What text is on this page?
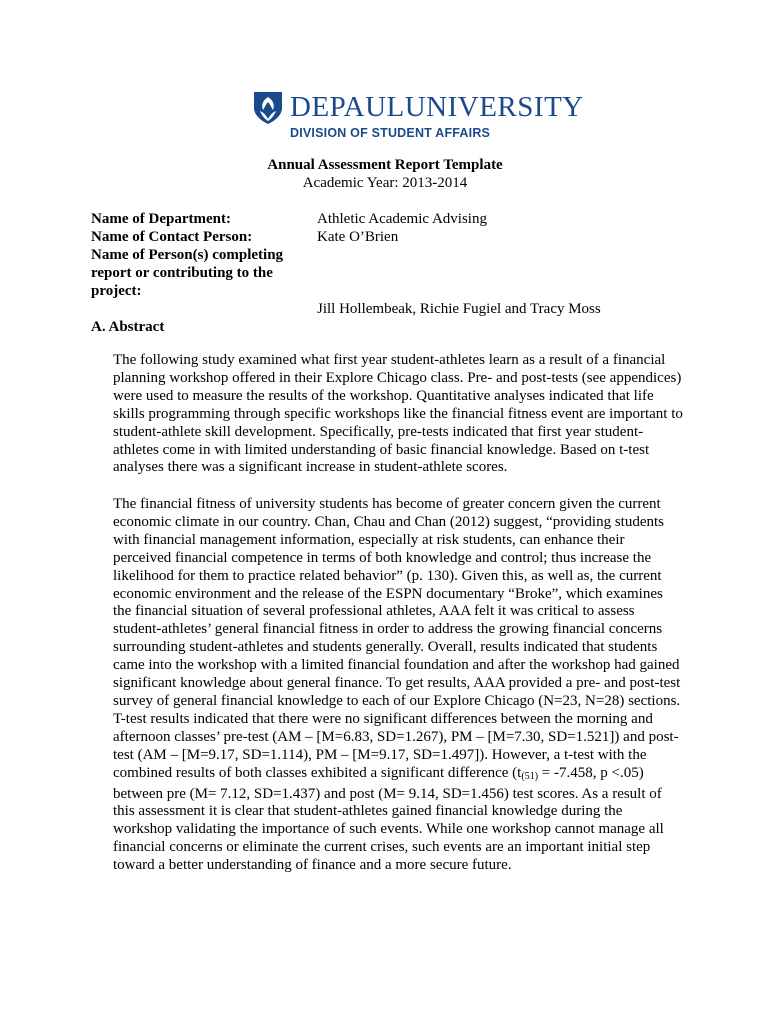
DEPAULUNIVERSITY
DIVISION OF STUDENT AFFAIRS
Annual Assessment Report Template
Academic Year: 2013-2014
Name of Department:	Athletic Academic Advising
Name of Contact Person:	Kate O’Brien
Name of Person(s) completing report or contributing to the project:
Jill Hollembeak, Richie Fugiel and Tracy Moss
A. Abstract

The following study examined what first year student-athletes learn as a result of a financial planning workshop offered in their Explore Chicago class. Pre- and post-tests (see appendices) were used to measure the results of the workshop. Quantitative analyses indicated that life skills programming through specific workshops like the financial fitness event are important to student-athlete skill development. Specifically, pre-tests indicated that first year student-athletes come in with limited understanding of basic financial knowledge. Based on t-test analyses there was a significant increase in student-athlete scores.

The financial fitness of university students has become of greater concern given the current economic climate in our country. Chan, Chau and Chan (2012) suggest, “providing students with financial management information, especially at risk students, can enhance their perceived financial competence in terms of both knowledge and control; thus increase the likelihood for them to practice related behavior” (p. 130). Given this, as well as, the current economic environment and the release of the ESPN documentary “Broke”, which examines the financial situation of several professional athletes, AAA felt it was critical to assess student-athletes’ general financial fitness in order to address the growing financial concerns surrounding student-athletes and students generally. Overall, results indicated that students came into the workshop with a limited financial foundation and after the workshop had gained significant knowledge about general finance. To get results, AAA provided a pre- and post-test survey of general financial knowledge to each of our Explore Chicago (N=23, N=28) sections. T-test results indicated that there were no significant differences between the morning and afternoon classes’ pre-test (AM – [M=6.83, SD=1.267), PM – [M=7.30, SD=1.521]) and post-test (AM – [M=9.17, SD=1.114), PM – [M=9.17, SD=1.497]). However, a t-test with the combined results of both classes exhibited a significant difference ($t_{(51)} = -7.458$, p <.05) between pre (M= 7.12, SD=1.437) and post (M= 9.14, SD=1.456) test scores. As a result of this assessment it is clear that student-athletes gained financial knowledge during the workshop validating the importance of such events. While one workshop cannot manage all financial concerns or eliminate the current crises, such events are an important initial step toward a better understanding of finance and a more secure future.
